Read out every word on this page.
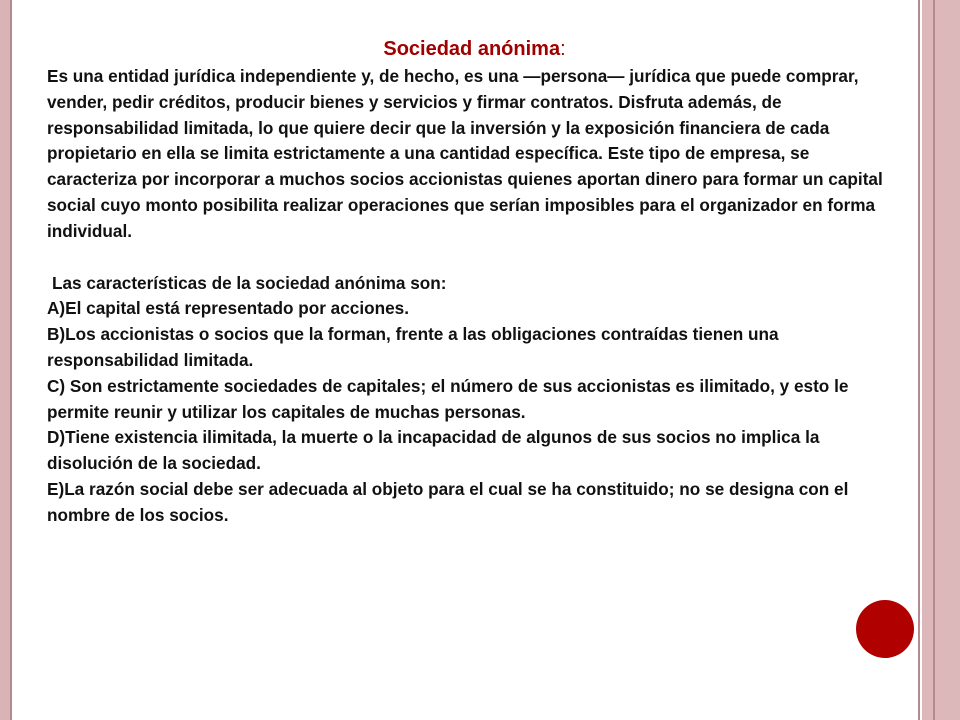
Sociedad anónima:

Es una entidad jurídica independiente y, de hecho, es una —persona— jurídica que puede comprar, vender, pedir créditos, producir bienes y servicios y firmar contratos. Disfruta además, de responsabilidad limitada, lo que quiere decir que la inversión y la exposición financiera de cada propietario en ella se limita estrictamente a una cantidad específica. Este tipo de empresa, se caracteriza por incorporar a muchos socios accionistas quienes aportan dinero para formar un capital social cuyo monto posibilita realizar operaciones que serían imposibles para el organizador en forma individual.

Las características de la sociedad anónima son:

A)El capital está representado por acciones.

B)Los accionistas o socios que la forman, frente a las obligaciones contraídas tienen una responsabilidad limitada.

C) Son estrictamente sociedades de capitales; el número de sus accionistas es ilimitado, y esto le permite reunir y utilizar los capitales de muchas personas.

D)Tiene existencia ilimitada, la muerte o la incapacidad de algunos de sus socios no implica la disolución de la sociedad.

E)La razón social debe ser adecuada al objeto para el cual se ha constituido; no se designa con el nombre de los socios.
